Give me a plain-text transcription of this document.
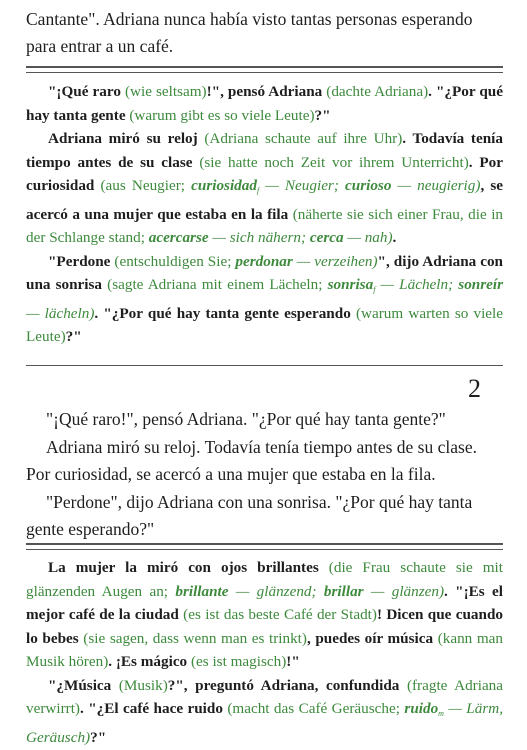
Cantante". Adriana nunca había visto tantas personas esperando
para entrar a un café.

"¡Qué raro (wie seltsam)!", pensó Adriana (dachte Adriana). "¿Por qué hay tanta gente (warum gibt es so viele Leute)?"

Adriana miró su reloj (Adriana schaute auf ihre Uhr). Todavía tenía tiempo antes de su clase (sie hatte noch Zeit vor ihrem Unterricht). Por curiosidad (aus Neugier; curiosidad$_f$ — Neugier; curioso — neugierig), se acercó a una mujer que estaba en la fila (näherte sie sich einer Frau, die in der Schlange stand; acercarse — sich nähern; cerca — nah).

"Perdone (entschuldigen Sie; perdonar — verzeihen)", dijo Adriana con una sonrisa (sagte Adriana mit einem Lächeln; sonrisa$_f$ — Lächeln; sonreír — lächeln). "¿Por qué hay tanta gente esperando (warum warten so viele Leute)?"

2

"¡Qué raro!", pensó Adriana. "¿Por qué hay tanta gente?"

Adriana miró su reloj. Todavía tenía tiempo antes de su clase. Por curiosidad, se acercó a una mujer que estaba en la fila.

"Perdone", dijo Adriana con una sonrisa. "¿Por qué hay tanta gente esperando?"

La mujer la miró con ojos brillantes (die Frau schaute sie mit glänzenden Augen an; brillante — glänzend; brillar — glänzen). "¡Es el mejor café de la ciudad (es ist das beste Café der Stadt)! Dicen que cuando lo bebes (sie sagen, dass wenn man es trinkt), puedes oír música (kann man Musik hören). ¡Es mágico (es ist magisch)!"

"¿Música (Musik)?", preguntó Adriana, confundida (fragte Adriana verwirrt). "¿El café hace ruido (macht das Café Geräusche; ruido$_m$ — Lärm, Geräusch)?"
